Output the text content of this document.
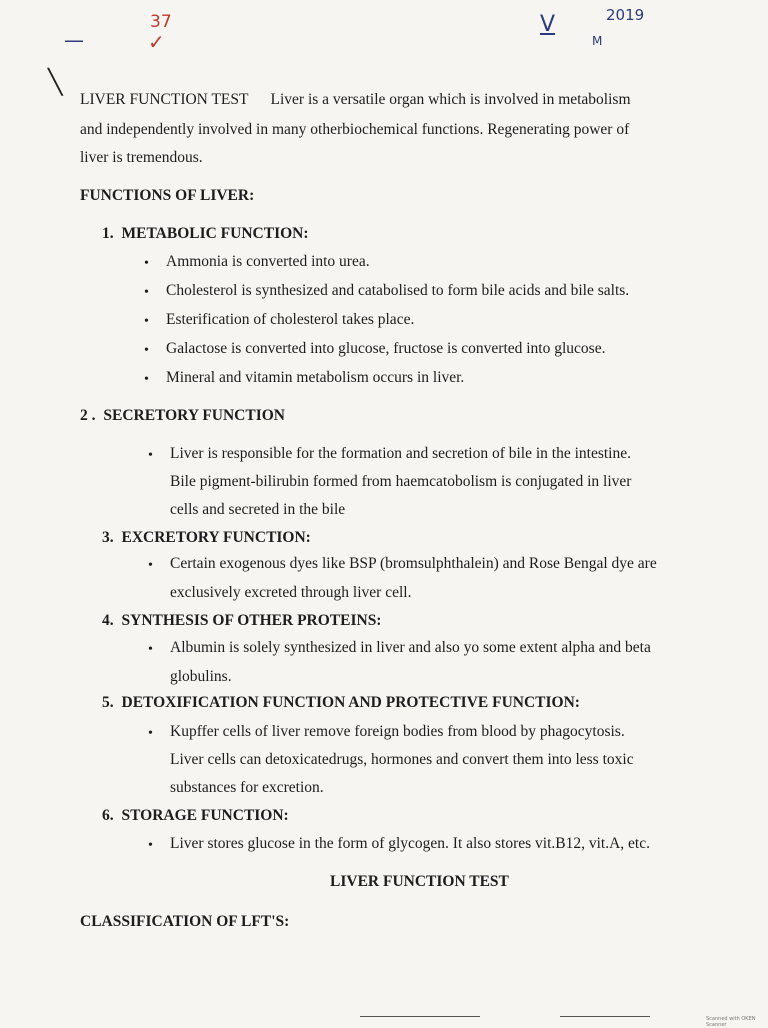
—
37
✓
V	2019
M
╲
LIVER FUNCTION TEST Liver is a versatile organ which is involved in metabolism
and independently involved in many otherbiochemical functions. Regenerating power of
liver is tremendous.
FUNCTIONS OF LIVER:
1. METABOLIC FUNCTION:
• Ammonia is converted into urea.
• Cholesterol is synthesized and catabolised to form bile acids and bile salts.
• Esterification of cholesterol takes place.
• Galactose is converted into glucose, fructose is converted into glucose.
• Mineral and vitamin metabolism occurs in liver.
2 . SECRETORY FUNCTION
• Liver is responsible for the formation and secretion of bile in the intestine.
Bile pigment-bilirubin formed from haemcatobolism is conjugated in liver
cells and secreted in the bile
3. EXCRETORY FUNCTION:
• Certain exogenous dyes like BSP (bromsulphthalein) and Rose Bengal dye are
exclusively excreted through liver cell.
4. SYNTHESIS OF OTHER PROTEINS:
• Albumin is solely synthesized in liver and also yo some extent alpha and beta
globulins.
5. DETOXIFICATION FUNCTION AND PROTECTIVE FUNCTION:
• Kupffer cells of liver remove foreign bodies from blood by phagocytosis.
Liver cells can detoxicatedrugs, hormones and convert them into less toxic
substances for excretion.
6. STORAGE FUNCTION:
• Liver stores glucose in the form of glycogen. It also stores vit.B12, vit.A, etc.
LIVER FUNCTION TEST
CLASSIFICATION OF LFT'S:
Scanned with OKEN Scanner
